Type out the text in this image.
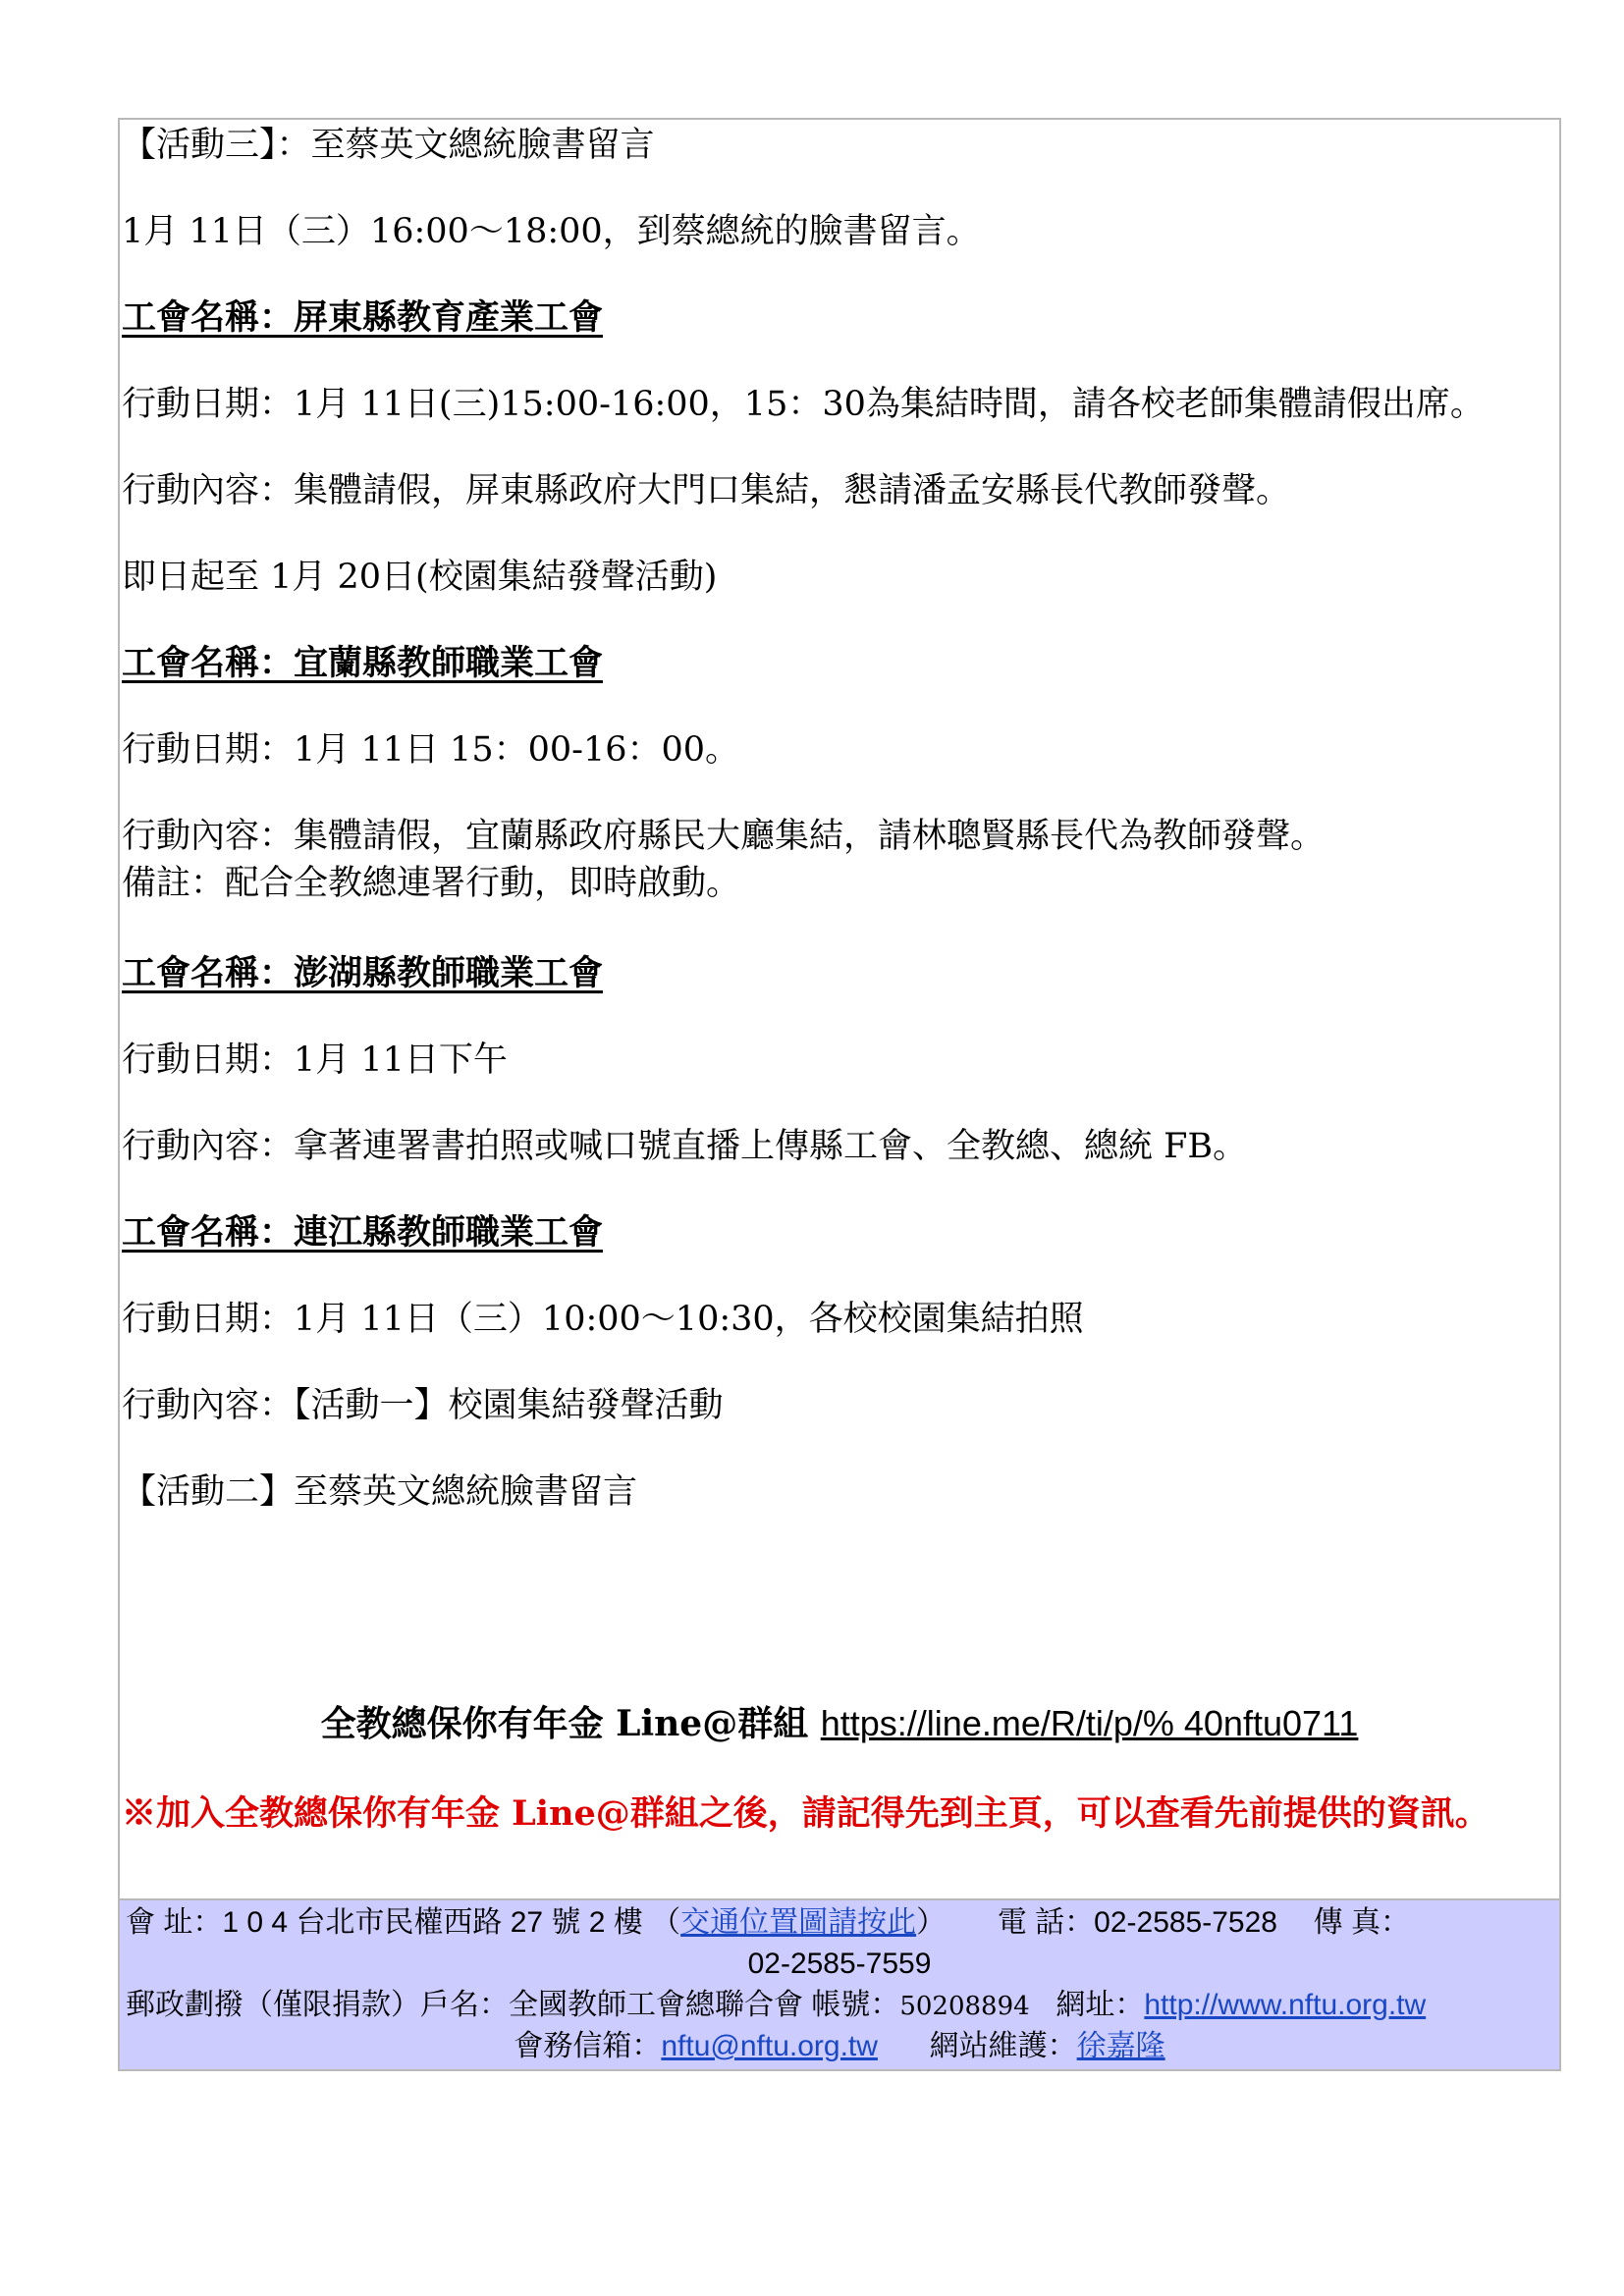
【活動三】：至蔡英文總統臉書留言
1月 11日（三）16:00～18:00，到蔡總統的臉書留言。
工會名稱：屏東縣教育產業工會
行動日期：1月 11日(三)15:00-16:00，15：30為集結時間，請各校老師集體請假出席。
行動內容：集體請假，屏東縣政府大門口集結，懇請潘孟安縣長代教師發聲。
即日起至 1月 20日(校園集結發聲活動)
工會名稱：宜蘭縣教師職業工會
行動日期：1月 11日 15：00-16：00。
行動內容：集體請假，宜蘭縣政府縣民大廳集結，請林聰賢縣長代為教師發聲。
備註：配合全教總連署行動，即時啟動。
工會名稱：澎湖縣教師職業工會
行動日期：1月 11日下午
行動內容：拿著連署書拍照或喊口號直播上傳縣工會、全教總、總統 FB。
工會名稱：連江縣教師職業工會
行動日期：1月 11日（三）10:00～10:30，各校校園集結拍照
行動內容：【活動一】校園集結發聲活動
【活動二】至蔡英文總統臉書留言
全教總保你有年金 Line@群組 https://line.me/R/ti/p/% 40nftu0711
※加入全教總保你有年金 Line@群組之後，請記得先到主頁，可以查看先前提供的資訊。
會 址：1 0 4 台北市民權西路 27 號 2 樓 （交通位置圖請按此） 電 話：02-2585-7528 傳 真：
02-2585-7559
郵政劃撥（僅限捐款）戶名：全國教師工會總聯合會 帳號：50208894 網址：http://www.nftu.org.tw
會務信箱：nftu@nftu.org.tw 網站維護：徐嘉隆
